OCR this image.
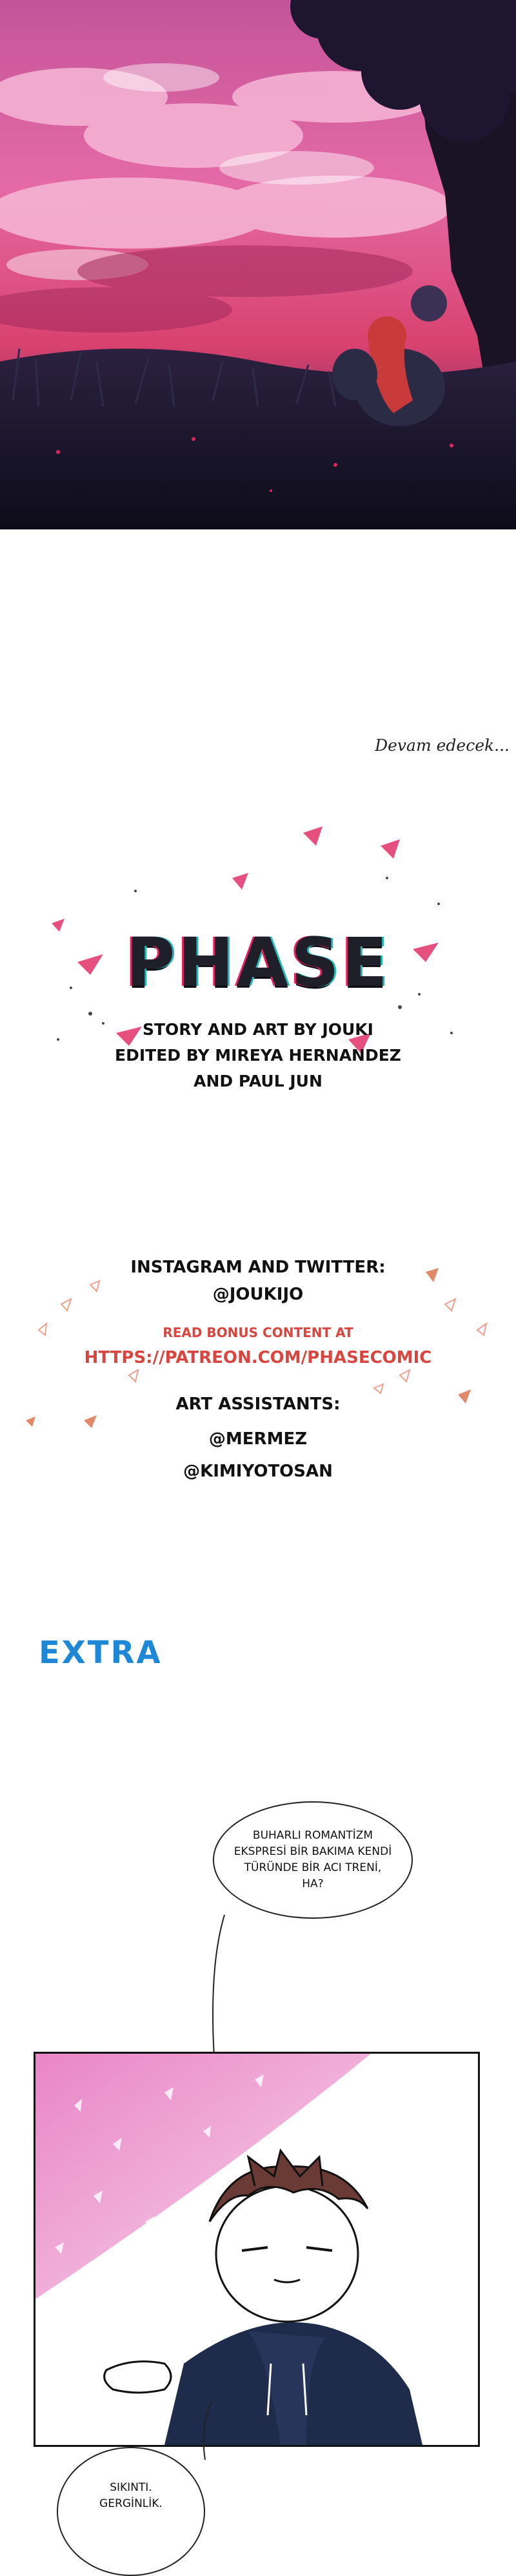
Devam edecek...
PHASE
STORY AND ART BY JOUKI
EDITED BY MIREYA HERNANDEZ
AND PAUL JUN
INSTAGRAM AND TWITTER:
@JOUKIJO
READ BONUS CONTENT AT
HTTPS://PATREON.COM/PHASECOMIC
ART ASSISTANTS:
@MERMEZ
@KIMIYOTOSAN
EXTRA
BUHARLI ROMANTİZM
EKSPRESİ BİR BAKIMA KENDİ
TÜRÜNDE BİR ACI TRENİ,
HA?
SIKINTI.
GERGİNLİK.
